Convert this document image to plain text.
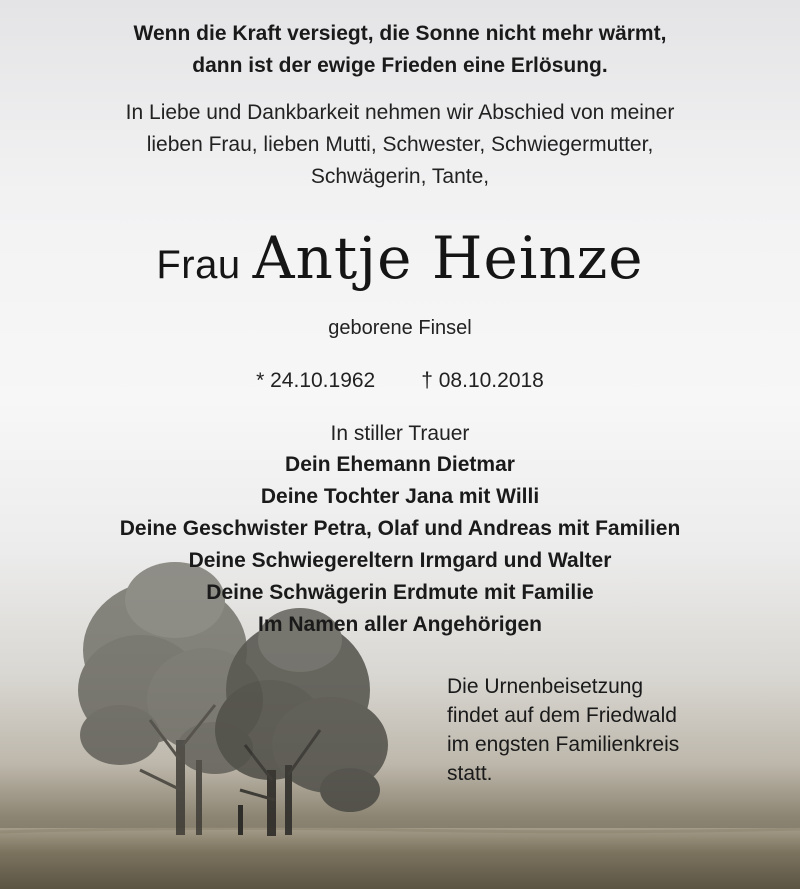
Wenn die Kraft versiegt, die Sonne nicht mehr wärmt,
dann ist der ewige Frieden eine Erlösung.
In Liebe und Dankbarkeit nehmen wir Abschied von meiner
lieben Frau, lieben Mutti, Schwester, Schwiegermutter,
Schwägerin, Tante,
Frau Antje Heinze
geborene Finsel
* 24.10.1962 † 08.10.2018
In stiller Trauer
Dein Ehemann Dietmar
Deine Tochter Jana mit Willi
Deine Geschwister Petra, Olaf und Andreas mit Familien
Deine Schwiegereltern Irmgard und Walter
Deine Schwägerin Erdmute mit Familie
Im Namen aller Angehörigen
Die Urnenbeisetzung
findet auf dem Friedwald
im engsten Familienkreis
statt.
